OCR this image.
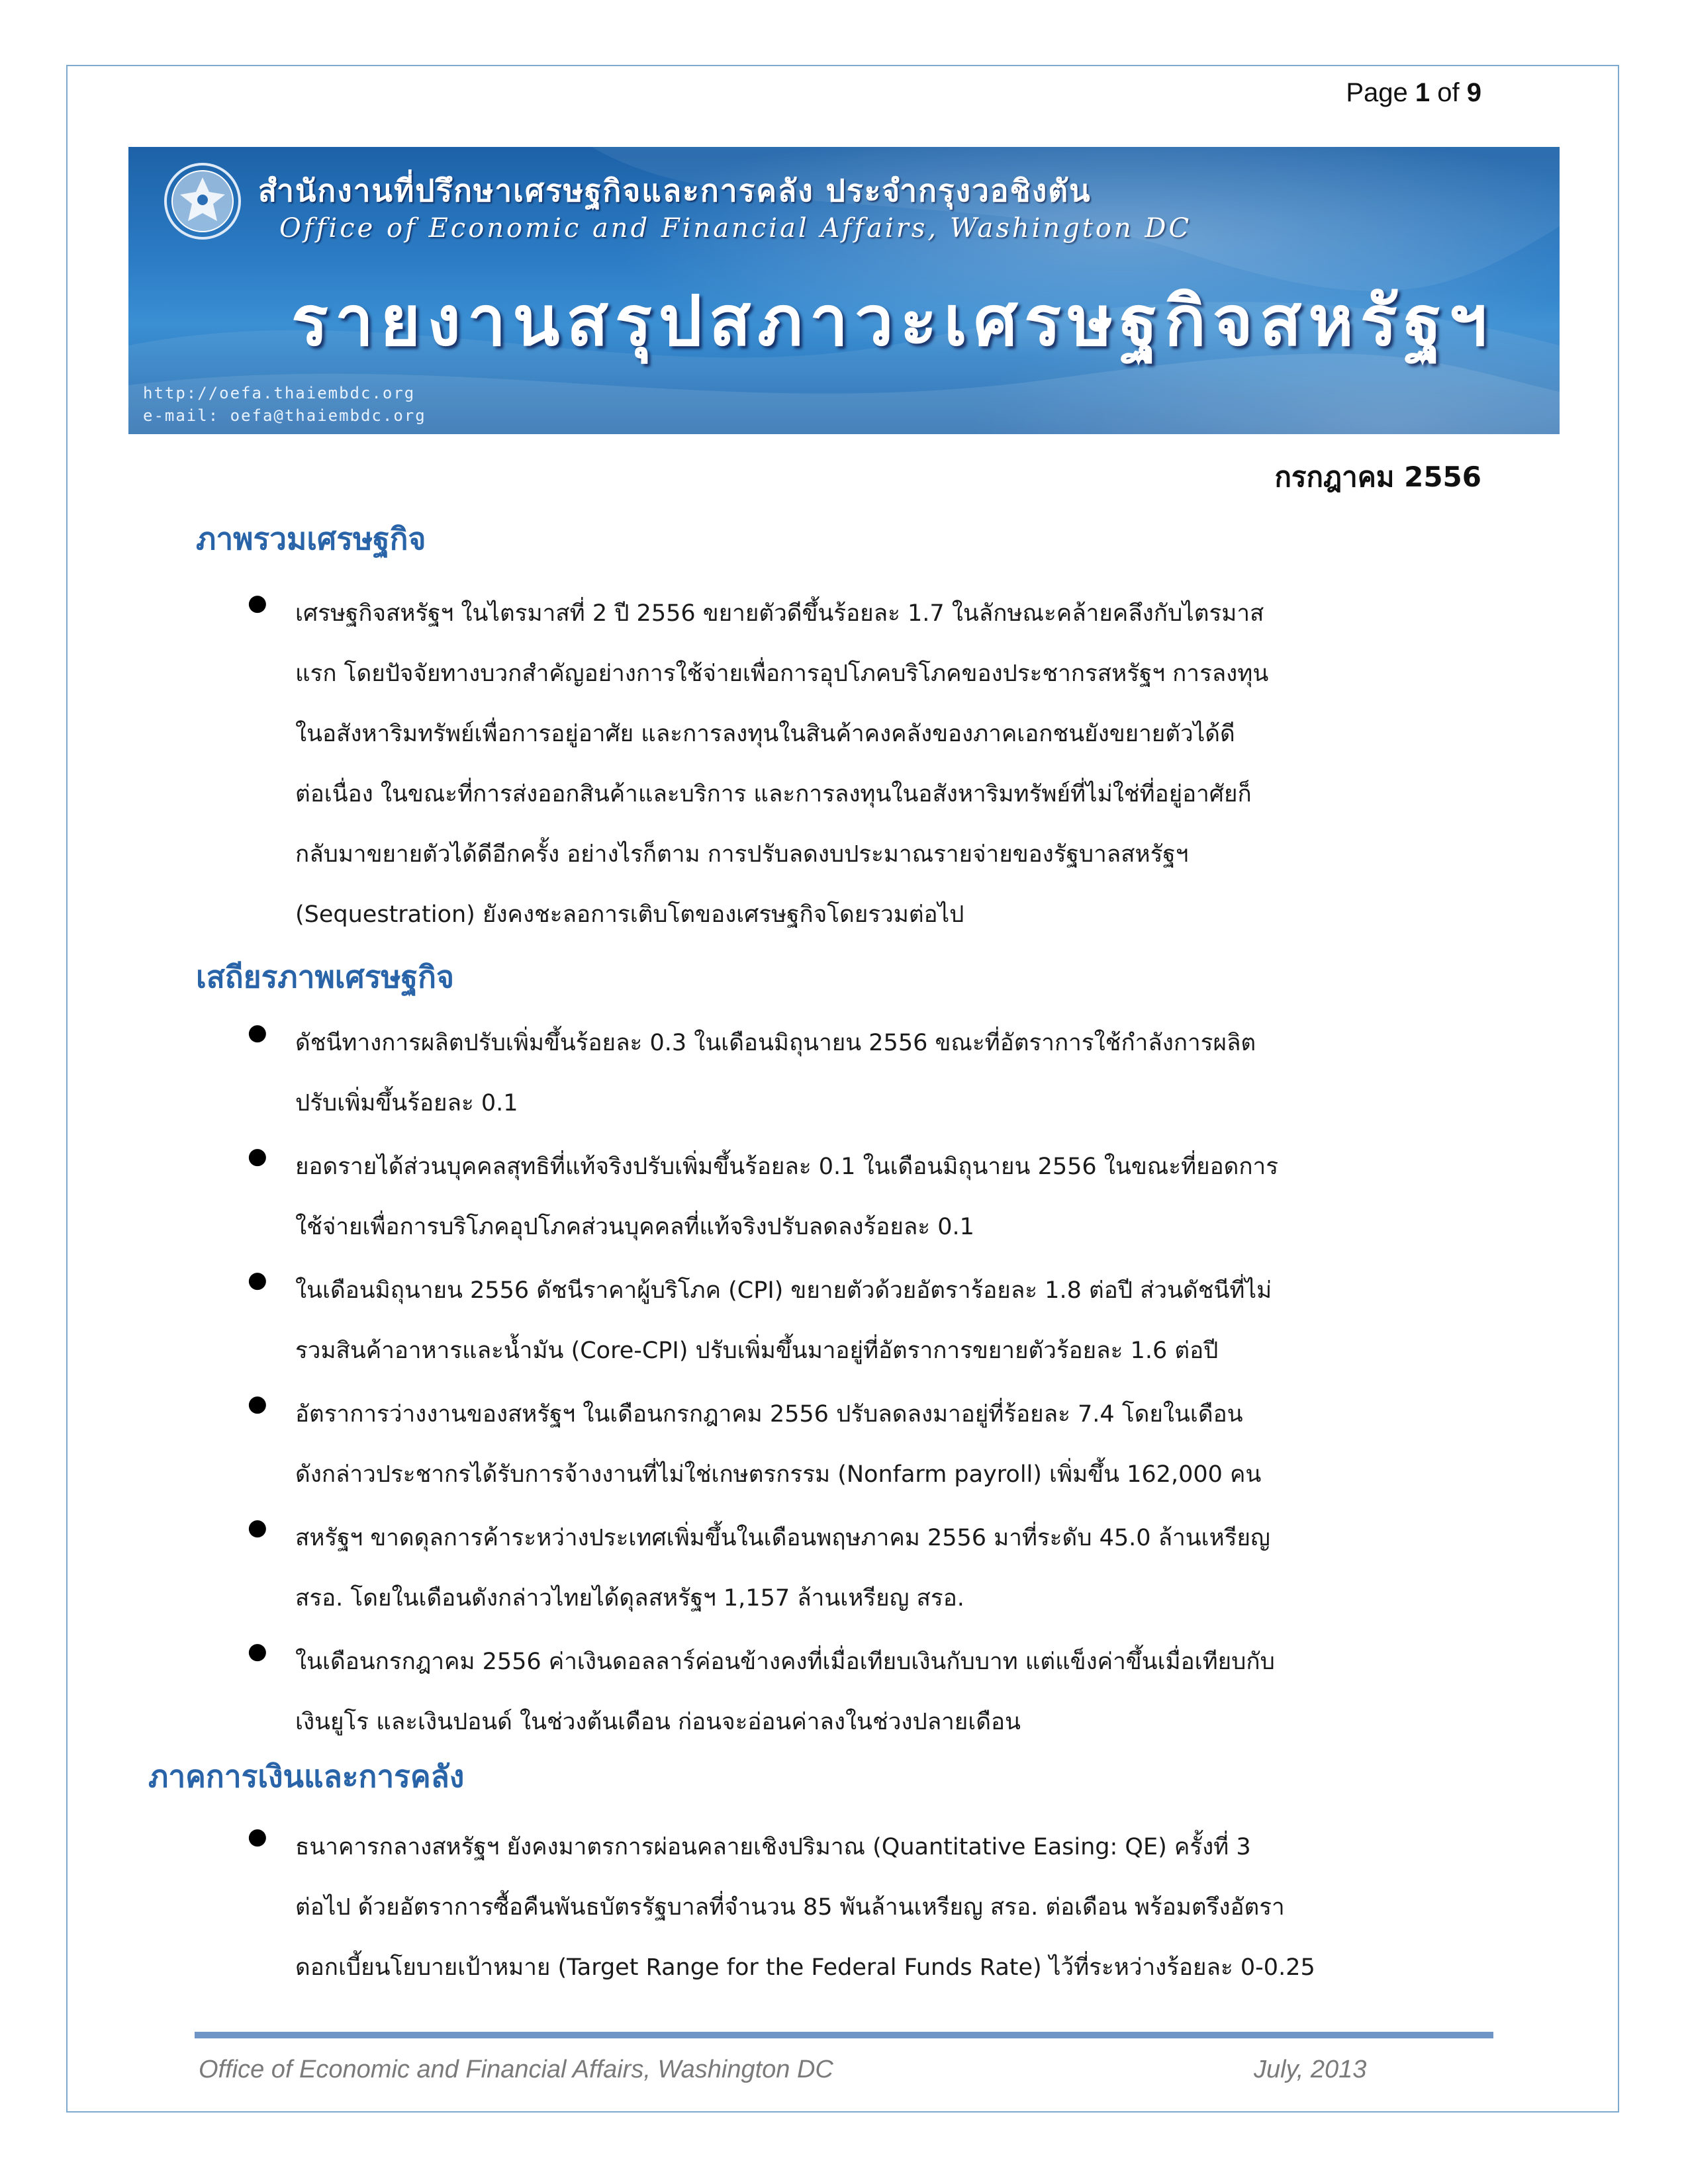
Page 1 of 9
สำนักงานที่ปรึกษาเศรษฐกิจและการคลัง ประจำกรุงวอชิงตัน
Office of Economic and Financial Affairs, Washington DC
รายงานสรุปสภาวะเศรษฐกิจสหรัฐฯ
http://oefa.thaiembdc.org
e-mail: oefa@thaiembdc.org
กรกฎาคม 2556
ภาพรวมเศรษฐกิจ
● เศรษฐกิจสหรัฐฯ ในไตรมาสที่ 2 ปี 2556 ขยายตัวดีขึ้นร้อยละ 1.7 ในลักษณะคล้ายคลึงกับไตรมาส
แรก โดยปัจจัยทางบวกสำคัญอย่างการใช้จ่ายเพื่อการอุปโภคบริโภคของประชากรสหรัฐฯ การลงทุน
ในอสังหาริมทรัพย์เพื่อการอยู่อาศัย และการลงทุนในสินค้าคงคลังของภาคเอกชนยังขยายตัวได้ดี
ต่อเนื่อง ในขณะที่การส่งออกสินค้าและบริการ และการลงทุนในอสังหาริมทรัพย์ที่ไม่ใช่ที่อยู่อาศัยก็
กลับมาขยายตัวได้ดีอีกครั้ง อย่างไรก็ตาม การปรับลดงบประมาณรายจ่ายของรัฐบาลสหรัฐฯ
(Sequestration) ยังคงชะลอการเติบโตของเศรษฐกิจโดยรวมต่อไป

เสถียรภาพเศรษฐกิจ
● ดัชนีทางการผลิตปรับเพิ่มขึ้นร้อยละ 0.3 ในเดือนมิถุนายน 2556 ขณะที่อัตราการใช้กำลังการผลิต
ปรับเพิ่มขึ้นร้อยละ 0.1

● ยอดรายได้ส่วนบุคคลสุทธิที่แท้จริงปรับเพิ่มขึ้นร้อยละ 0.1 ในเดือนมิถุนายน 2556 ในขณะที่ยอดการ
ใช้จ่ายเพื่อการบริโภคอุปโภคส่วนบุคคลที่แท้จริงปรับลดลงร้อยละ 0.1

● ในเดือนมิถุนายน 2556 ดัชนีราคาผู้บริโภค (CPI) ขยายตัวด้วยอัตราร้อยละ 1.8 ต่อปี ส่วนดัชนีที่ไม่
รวมสินค้าอาหารและน้ำมัน (Core-CPI) ปรับเพิ่มขึ้นมาอยู่ที่อัตราการขยายตัวร้อยละ 1.6 ต่อปี

● อัตราการว่างงานของสหรัฐฯ ในเดือนกรกฎาคม 2556 ปรับลดลงมาอยู่ที่ร้อยละ 7.4 โดยในเดือน
ดังกล่าวประชากรได้รับการจ้างงานที่ไม่ใช่เกษตรกรรม (Nonfarm payroll) เพิ่มขึ้น 162,000 คน

● สหรัฐฯ ขาดดุลการค้าระหว่างประเทศเพิ่มขึ้นในเดือนพฤษภาคม 2556 มาที่ระดับ 45.0 ล้านเหรียญ
สรอ. โดยในเดือนดังกล่าวไทยได้ดุลสหรัฐฯ 1,157 ล้านเหรียญ สรอ.

● ในเดือนกรกฎาคม 2556 ค่าเงินดอลลาร์ค่อนข้างคงที่เมื่อเทียบเงินกับบาท แต่แข็งค่าขึ้นเมื่อเทียบกับ
เงินยูโร และเงินปอนด์ ในช่วงต้นเดือน ก่อนจะอ่อนค่าลงในช่วงปลายเดือน

ภาคการเงินและการคลัง
● ธนาคารกลางสหรัฐฯ ยังคงมาตรการผ่อนคลายเชิงปริมาณ (Quantitative Easing: QE) ครั้งที่ 3
ต่อไป ด้วยอัตราการซื้อคืนพันธบัตรรัฐบาลที่จำนวน 85 พันล้านเหรียญ สรอ. ต่อเดือน พร้อมตรึงอัตรา
ดอกเบี้ยนโยบายเป้าหมาย (Target Range for the Federal Funds Rate) ไว้ที่ระหว่างร้อยละ 0-0.25

Office of Economic and Financial Affairs, Washington DC	July, 2013
